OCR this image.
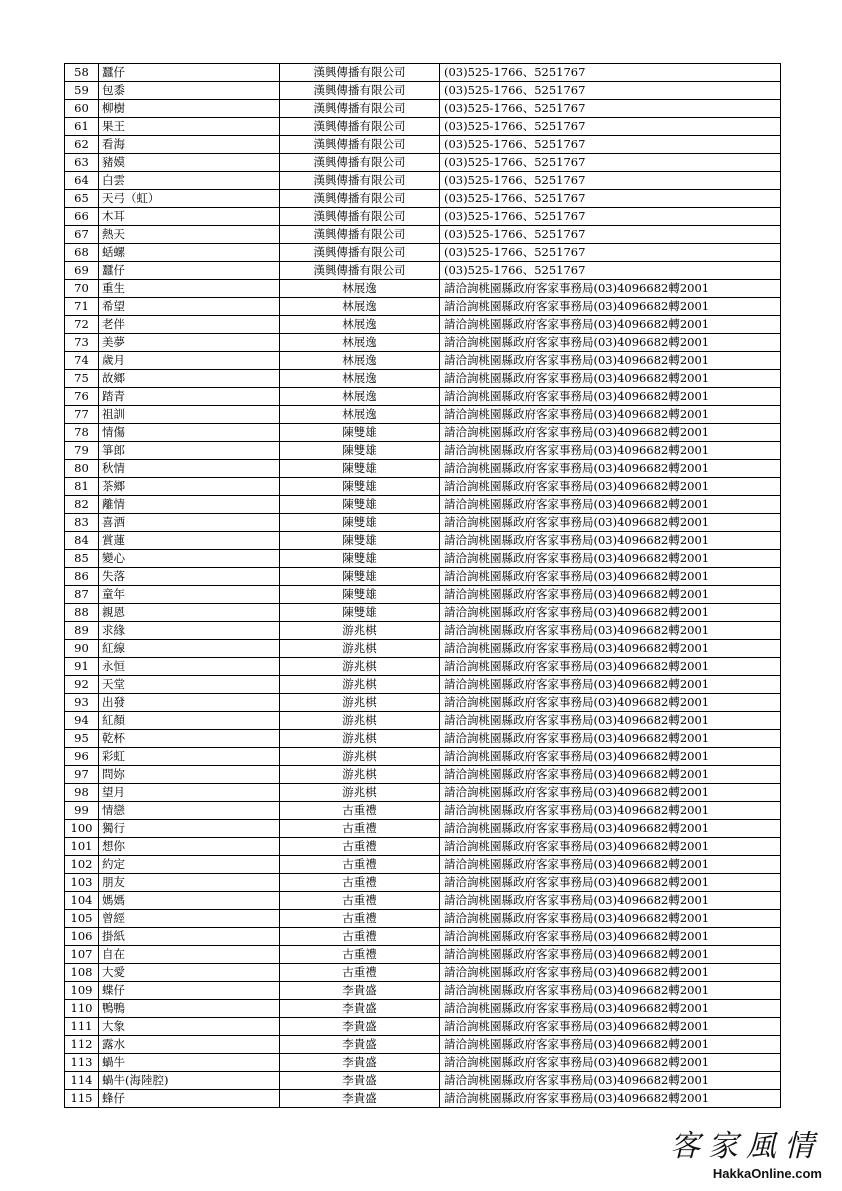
58	蠶仔	漢興傳播有限公司	(03)525-1766、5251767
59	包黍	漢興傳播有限公司	(03)525-1766、5251767
60	柳樹	漢興傳播有限公司	(03)525-1766、5251767
61	果王	漢興傳播有限公司	(03)525-1766、5251767
62	看海	漢興傳播有限公司	(03)525-1766、5251767
63	豬嫫	漢興傳播有限公司	(03)525-1766、5251767
64	白雲	漢興傳播有限公司	(03)525-1766、5251767
65	天弓（虹）	漢興傳播有限公司	(03)525-1766、5251767
66	木耳	漢興傳播有限公司	(03)525-1766、5251767
67	熱天	漢興傳播有限公司	(03)525-1766、5251767
68	蛞螺	漢興傳播有限公司	(03)525-1766、5251767
69	蠶仔	漢興傳播有限公司	(03)525-1766、5251767
70	重生	林展逸	請洽詢桃園縣政府客家事務局(03)4096682轉2001
71	希望	林展逸	請洽詢桃園縣政府客家事務局(03)4096682轉2001
72	老伴	林展逸	請洽詢桃園縣政府客家事務局(03)4096682轉2001
73	美夢	林展逸	請洽詢桃園縣政府客家事務局(03)4096682轉2001
74	歲月	林展逸	請洽詢桃園縣政府客家事務局(03)4096682轉2001
75	故鄉	林展逸	請洽詢桃園縣政府客家事務局(03)4096682轉2001
76	踏青	林展逸	請洽詢桃園縣政府客家事務局(03)4096682轉2001
77	祖訓	林展逸	請洽詢桃園縣政府客家事務局(03)4096682轉2001
78	情傷	陳雙雄	請洽詢桃園縣政府客家事務局(03)4096682轉2001
79	箏郎	陳雙雄	請洽詢桃園縣政府客家事務局(03)4096682轉2001
80	秋情	陳雙雄	請洽詢桃園縣政府客家事務局(03)4096682轉2001
81	茶鄉	陳雙雄	請洽詢桃園縣政府客家事務局(03)4096682轉2001
82	離情	陳雙雄	請洽詢桃園縣政府客家事務局(03)4096682轉2001
83	喜酒	陳雙雄	請洽詢桃園縣政府客家事務局(03)4096682轉2001
84	賞蓮	陳雙雄	請洽詢桃園縣政府客家事務局(03)4096682轉2001
85	變心	陳雙雄	請洽詢桃園縣政府客家事務局(03)4096682轉2001
86	失落	陳雙雄	請洽詢桃園縣政府客家事務局(03)4096682轉2001
87	童年	陳雙雄	請洽詢桃園縣政府客家事務局(03)4096682轉2001
88	親恩	陳雙雄	請洽詢桃園縣政府客家事務局(03)4096682轉2001
89	求緣	游兆棋	請洽詢桃園縣政府客家事務局(03)4096682轉2001
90	紅線	游兆棋	請洽詢桃園縣政府客家事務局(03)4096682轉2001
91	永恒	游兆棋	請洽詢桃園縣政府客家事務局(03)4096682轉2001
92	天堂	游兆棋	請洽詢桃園縣政府客家事務局(03)4096682轉2001
93	出發	游兆棋	請洽詢桃園縣政府客家事務局(03)4096682轉2001
94	紅顏	游兆棋	請洽詢桃園縣政府客家事務局(03)4096682轉2001
95	乾杯	游兆棋	請洽詢桃園縣政府客家事務局(03)4096682轉2001
96	彩虹	游兆棋	請洽詢桃園縣政府客家事務局(03)4096682轉2001
97	問妳	游兆棋	請洽詢桃園縣政府客家事務局(03)4096682轉2001
98	望月	游兆棋	請洽詢桃園縣政府客家事務局(03)4096682轉2001
99	情戀	古重禮	請洽詢桃園縣政府客家事務局(03)4096682轉2001
100	獨行	古重禮	請洽詢桃園縣政府客家事務局(03)4096682轉2001
101	想你	古重禮	請洽詢桃園縣政府客家事務局(03)4096682轉2001
102	約定	古重禮	請洽詢桃園縣政府客家事務局(03)4096682轉2001
103	朋友	古重禮	請洽詢桃園縣政府客家事務局(03)4096682轉2001
104	媽媽	古重禮	請洽詢桃園縣政府客家事務局(03)4096682轉2001
105	曾經	古重禮	請洽詢桃園縣政府客家事務局(03)4096682轉2001
106	掛紙	古重禮	請洽詢桃園縣政府客家事務局(03)4096682轉2001
107	自在	古重禮	請洽詢桃園縣政府客家事務局(03)4096682轉2001
108	大愛	古重禮	請洽詢桃園縣政府客家事務局(03)4096682轉2001
109	蝶仔	李貴盛	請洽詢桃園縣政府客家事務局(03)4096682轉2001
110	鴨鴨	李貴盛	請洽詢桃園縣政府客家事務局(03)4096682轉2001
111	大象	李貴盛	請洽詢桃園縣政府客家事務局(03)4096682轉2001
112	露水	李貴盛	請洽詢桃園縣政府客家事務局(03)4096682轉2001
113	蝸牛	李貴盛	請洽詢桃園縣政府客家事務局(03)4096682轉2001
114	蝸牛(海陸腔)	李貴盛	請洽詢桃園縣政府客家事務局(03)4096682轉2001
115	蜂仔	李貴盛	請洽詢桃園縣政府客家事務局(03)4096682轉2001
客家風情
HakkaOnline.com
